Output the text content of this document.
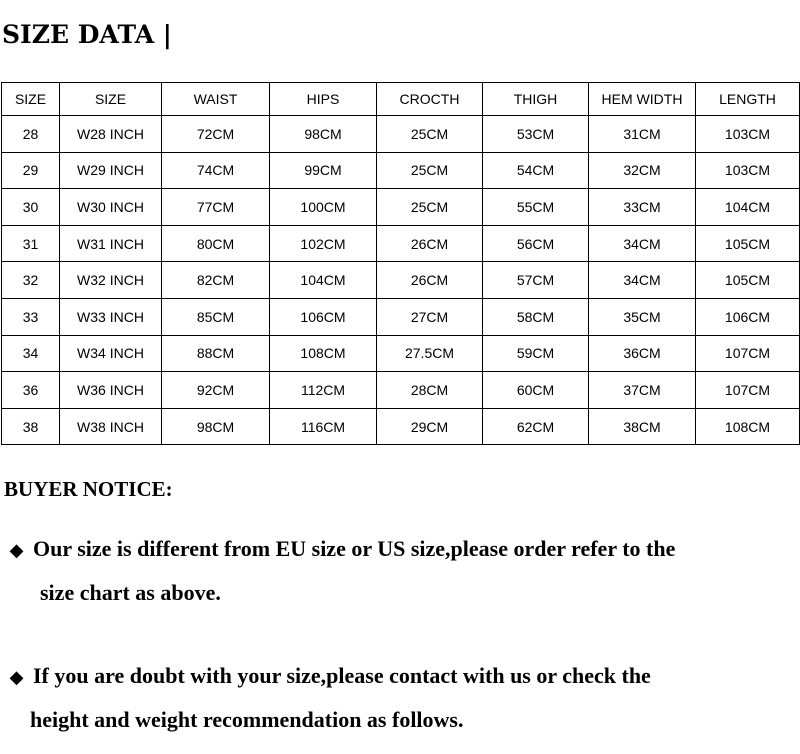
SIZE DATA |
SIZE	SIZE	WAIST	HIPS	CROCTH	THIGH	HEM WIDTH	LENGTH
28	W28 INCH	72CM	98CM	25CM	53CM	31CM	103CM
29	W29 INCH	74CM	99CM	25CM	54CM	32CM	103CM
30	W30 INCH	77CM	100CM	25CM	55CM	33CM	104CM
31	W31 INCH	80CM	102CM	26CM	56CM	34CM	105CM
32	W32 INCH	82CM	104CM	26CM	57CM	34CM	105CM
33	W33 INCH	85CM	106CM	27CM	58CM	35CM	106CM
34	W34 INCH	88CM	108CM	27.5CM	59CM	36CM	107CM
36	W36 INCH	92CM	112CM	28CM	60CM	37CM	107CM
38	W38 INCH	98CM	116CM	29CM	62CM	38CM	108CM
BUYER NOTICE:
◆ Our size is different from EU size or US size,please order refer to the
size chart as above.
◆ If you are doubt with your size,please contact with us or check the
height and weight recommendation as follows.
